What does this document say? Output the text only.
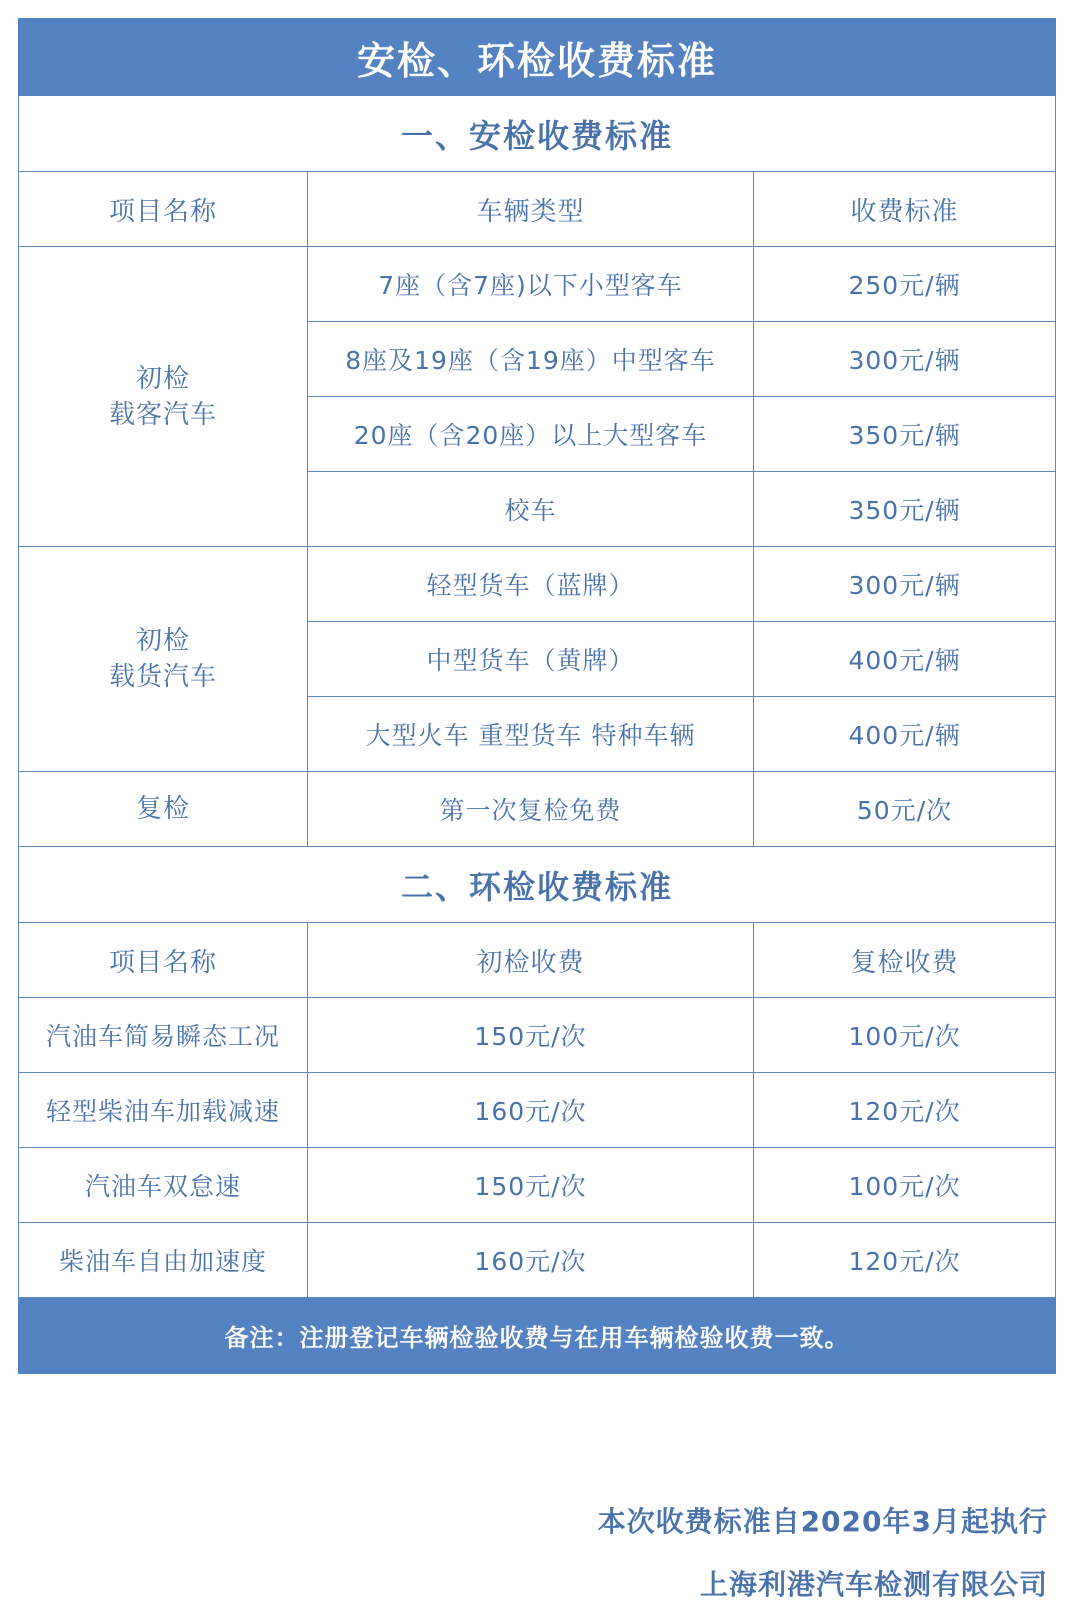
安检、环检收费标准		
一、安检收费标准		
项目名称	车辆类型	收费标准

初检
载客汽车	7座（含7座)以下小型客车	250元/辆
	8座及19座（含19座）中型客车	300元/辆
	20座（含20座）以上大型客车	350元/辆
	校车	350元/辆

初检
载货汽车	轻型货车（蓝牌）	300元/辆
	中型货车（黄牌）	400元/辆
	大型火车 重型货车 特种车辆	400元/辆
复检	第一次复检免费	50元/次
二、环检收费标准		
项目名称	初检收费	复检收费
汽油车简易瞬态工况	150元/次	100元/次
轻型柴油车加载减速	160元/次	120元/次
汽油车双怠速	150元/次	100元/次
柴油车自由加速度	160元/次	120元/次
备注：注册登记车辆检验收费与在用车辆检验收费一致。		
本次收费标准自2020年3月起执行
上海利港汽车检测有限公司
